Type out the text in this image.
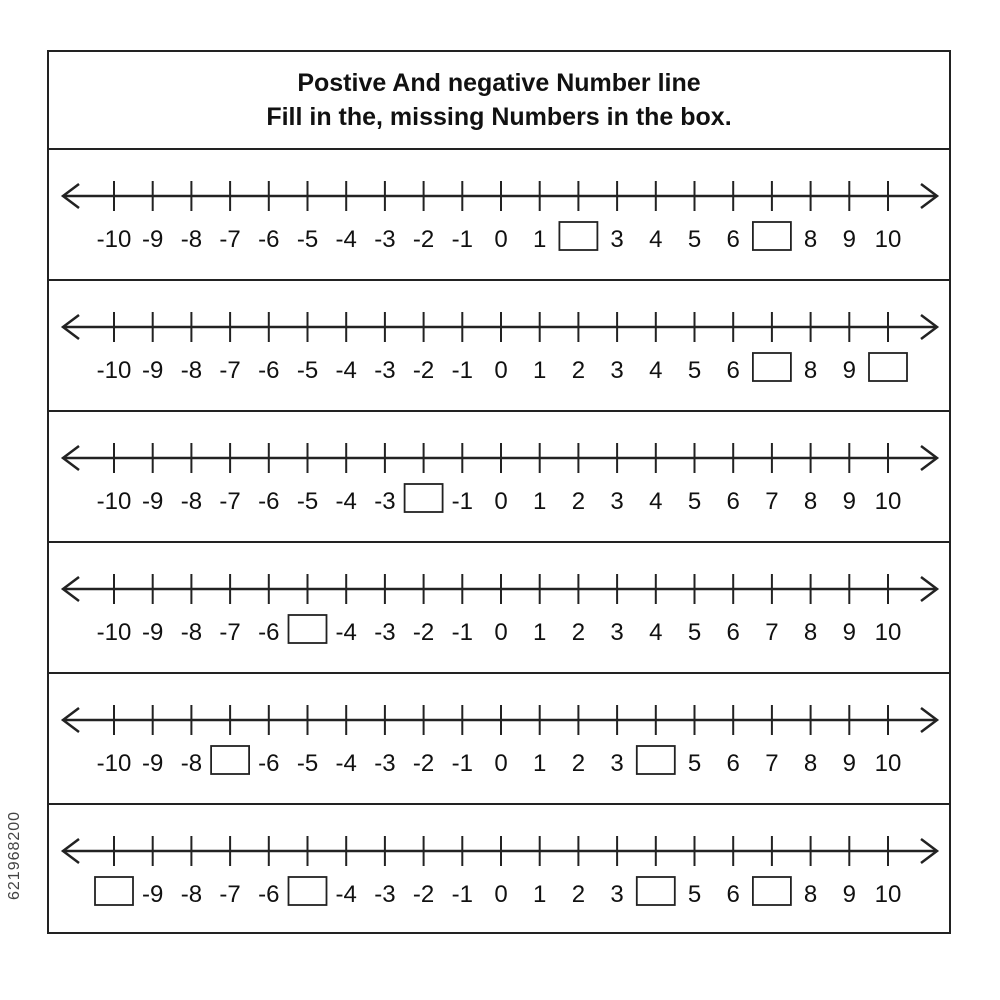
Postive And negative Number line
Fill in the, missing Numbers in the box.
-10 -9 -8 -7 -6 -5 -4 -3 -2 -1 0 1	3 4 5 6	8 9 10
-10 -9 -8 -7 -6 -5 -4 -3 -2 -1 0 1 2 3 4 5 6	8 9
-10 -9 -8 -7 -6 -5 -4 -3 -1 0 1 2 3 4 5 6 7 8 9 10
-10 -9 -8 -7 -6 -4 -3 -2 -1 0 1 2 3 4 5 6 7 8 9 10
-10 -9 -8 -6 -5 -4 -3 -2 -1 0 1 2 3	5 6 7 8 9 10
-9 -8 -7 -6 -4 -3 -2 -1 0 1 2 3	5 6	8 9 10
621968200
